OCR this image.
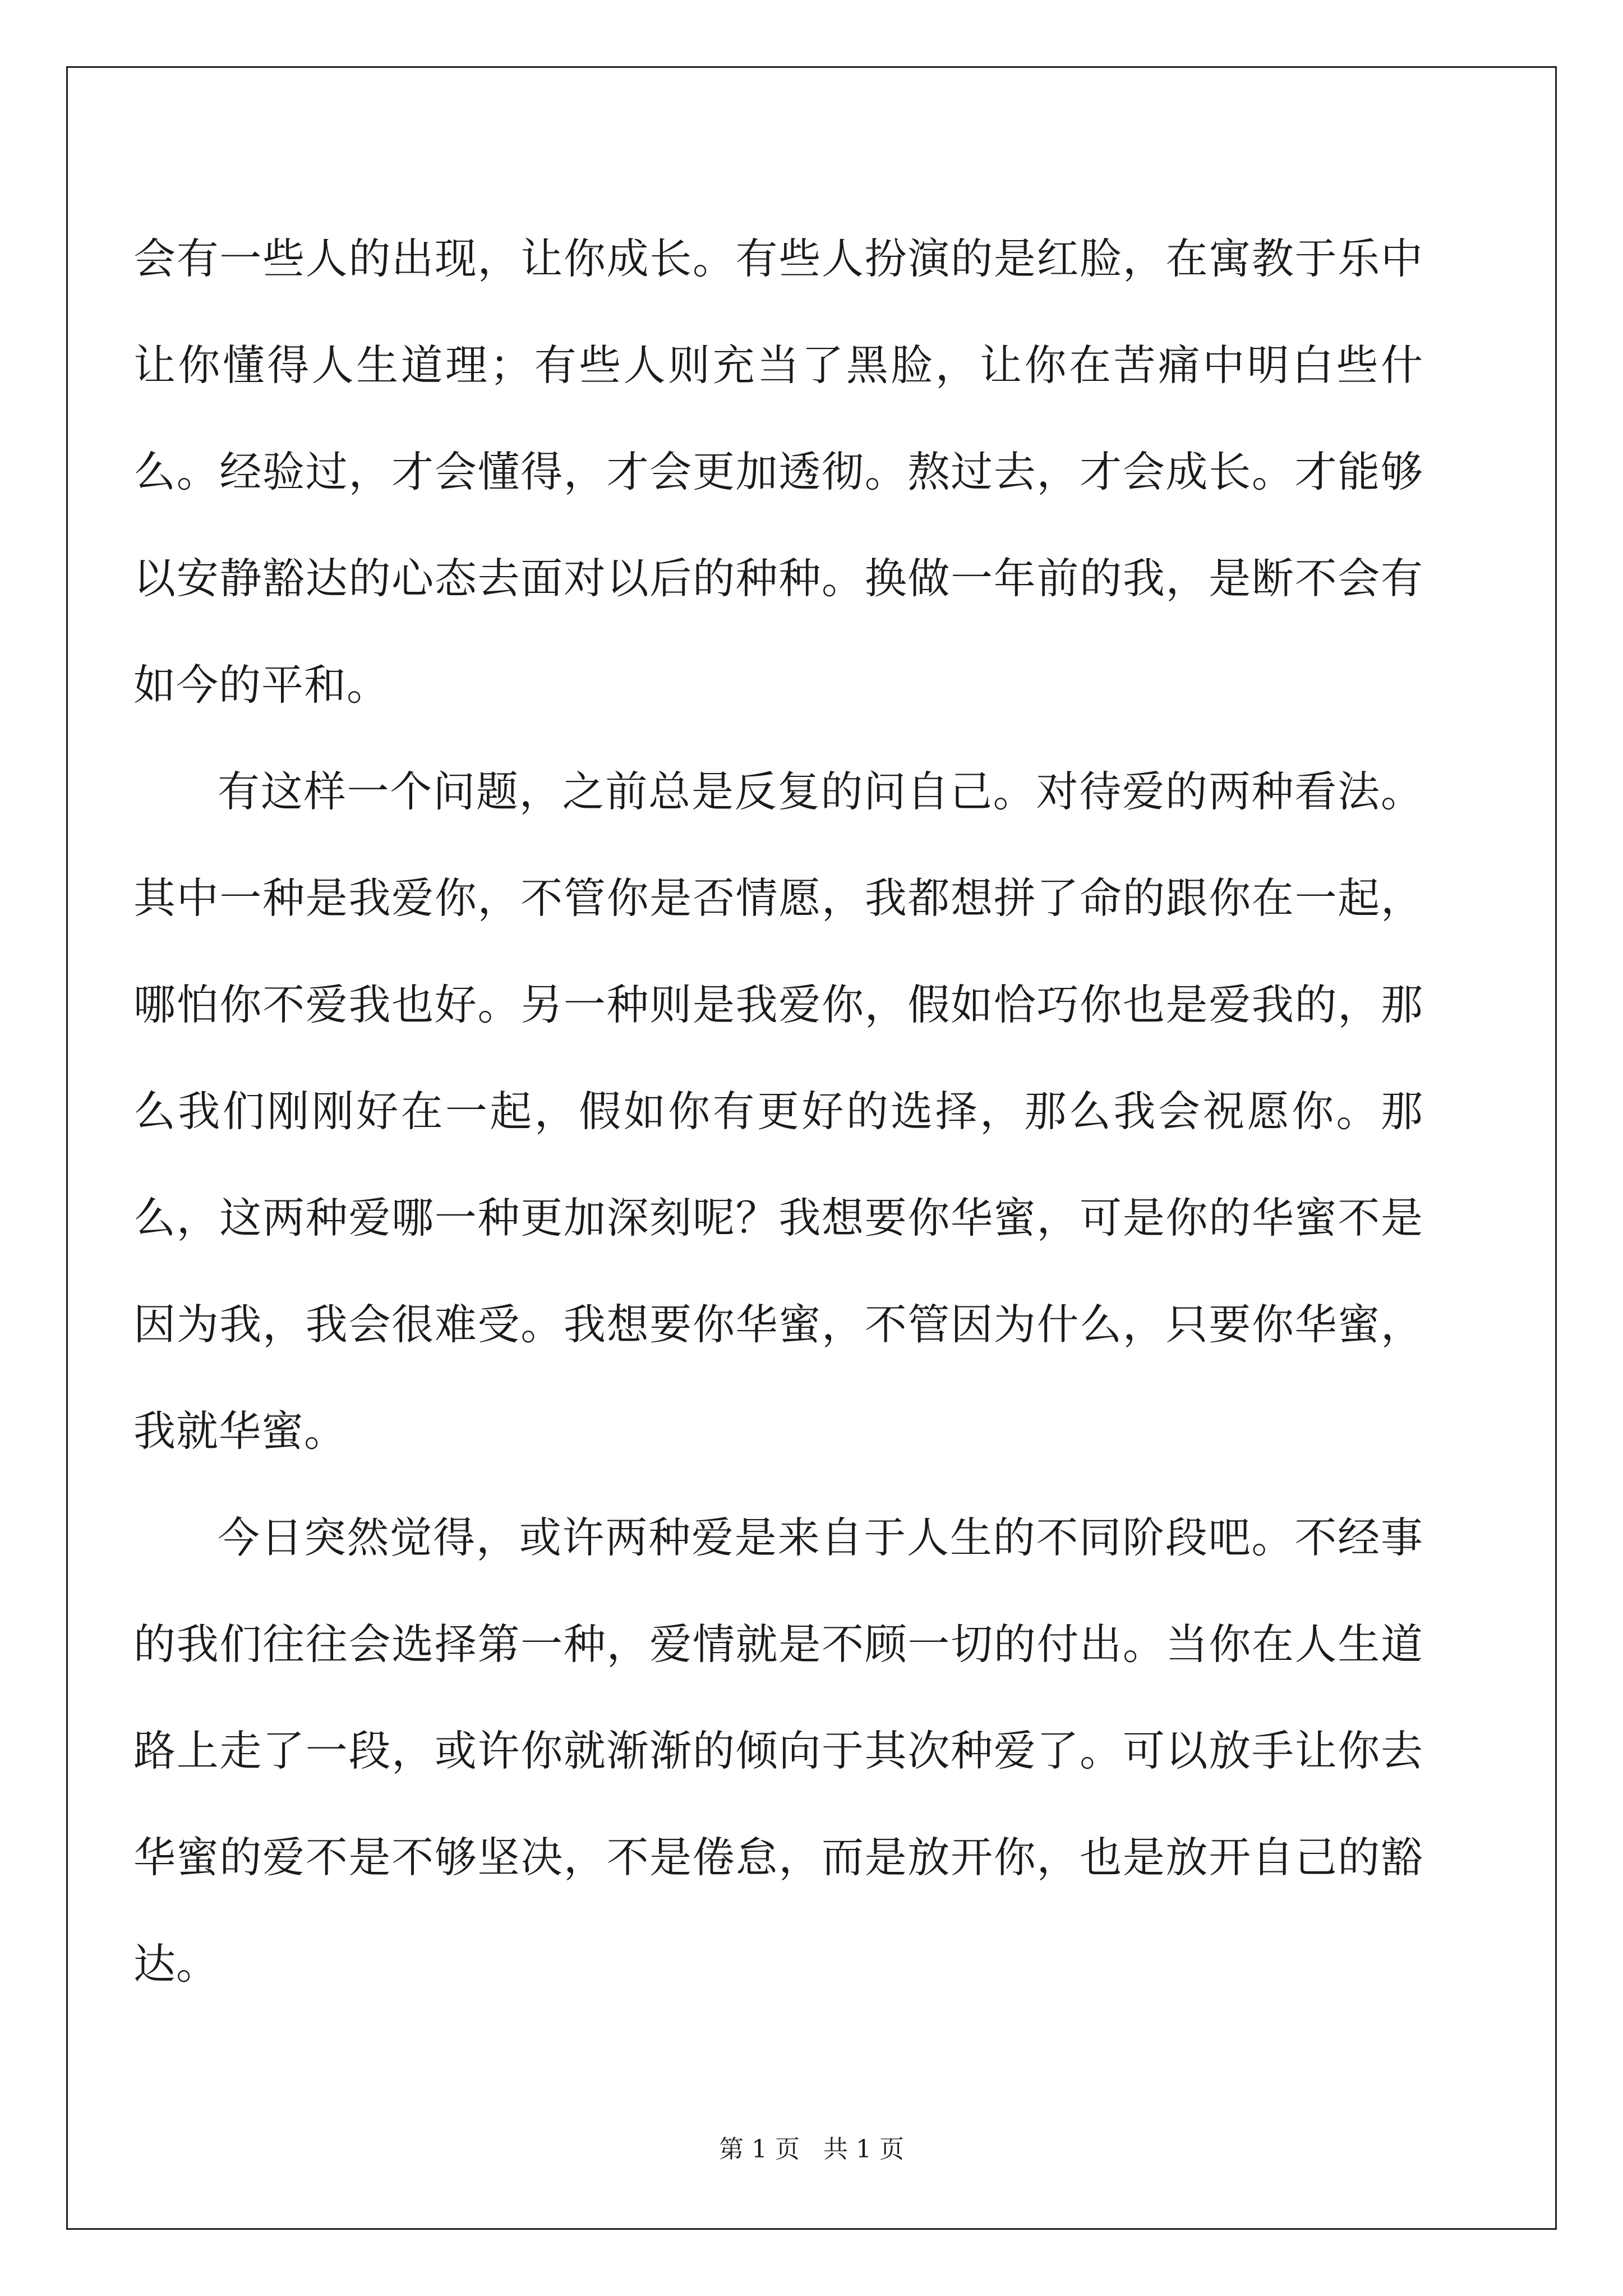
会有一些人的出现，让你成长。有些人扮演的是红脸，在寓教于乐中让你懂得人生道理；有些人则充当了黑脸，让你在苦痛中明白些什么。经验过，才会懂得，才会更加透彻。熬过去，才会成长。才能够以安静豁达的心态去面对以后的种种。换做一年前的我，是断不会有如今的平和。

有这样一个问题，之前总是反复的问自己。对待爱的两种看法。其中一种是我爱你，不管你是否情愿，我都想拼了命的跟你在一起，哪怕你不爱我也好。另一种则是我爱你，假如恰巧你也是爱我的，那么我们刚刚好在一起，假如你有更好的选择，那么我会祝愿你。那么，这两种爱哪一种更加深刻呢？我想要你华蜜，可是你的华蜜不是因为我，我会很难受。我想要你华蜜，不管因为什么，只要你华蜜，我就华蜜。

今日突然觉得，或许两种爱是来自于人生的不同阶段吧。不经事的我们往往会选择第一种，爱情就是不顾一切的付出。当你在人生道路上走了一段，或许你就渐渐的倾向于其次种爱了。可以放手让你去华蜜的爱不是不够坚决，不是倦怠，而是放开你，也是放开自己的豁达。

第 1 页 共 1 页
